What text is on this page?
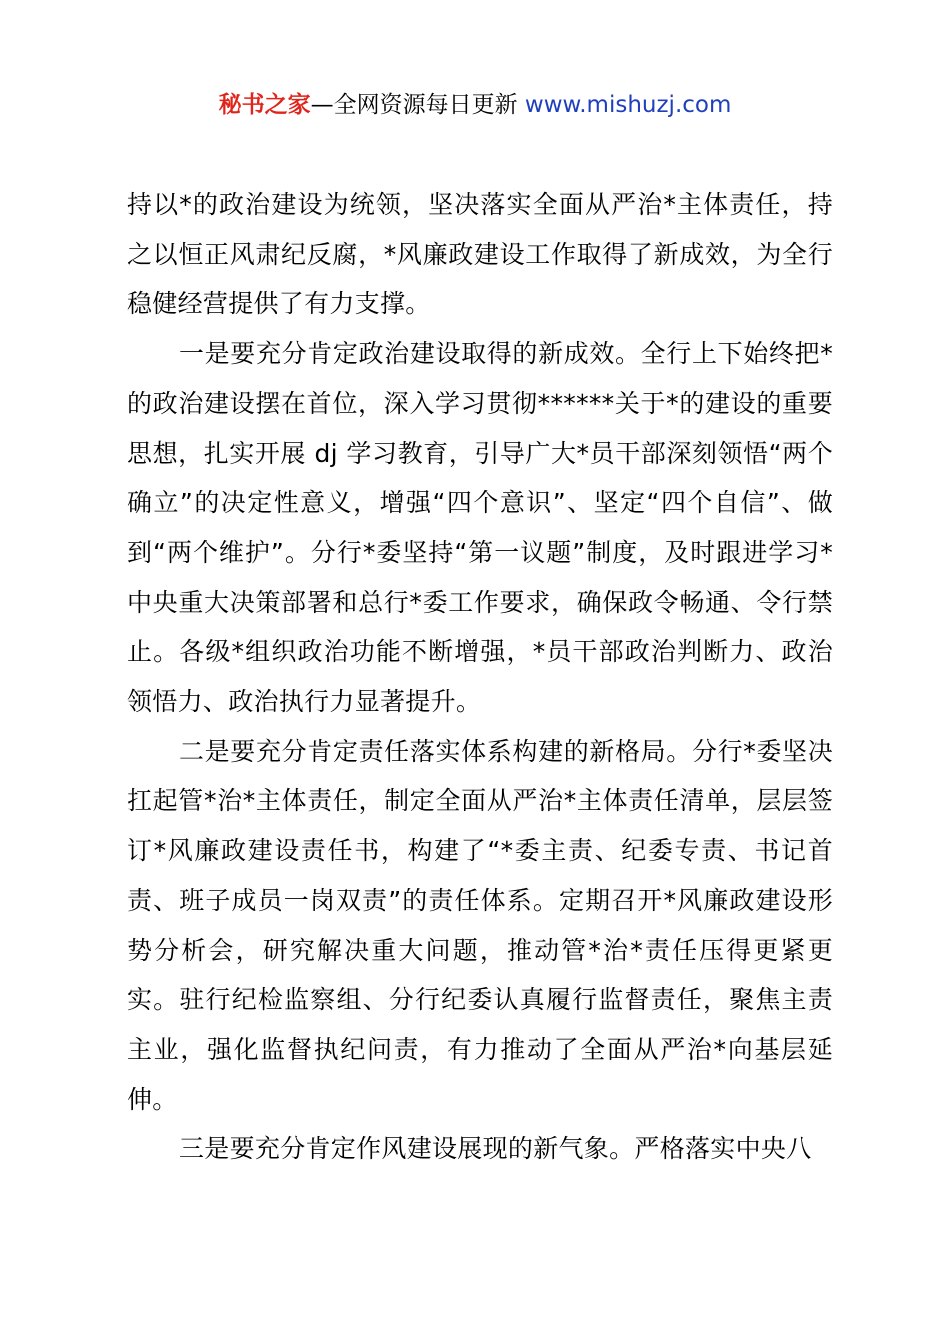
秘书之家—全网资源每日更新 www.mishuzj.com

持以*的政治建设为统领，坚决落实全面从严治*主体责任，持之以恒正风肃纪反腐，*风廉政建设工作取得了新成效，为全行稳健经营提供了有力支撑。

一是要充分肯定政治建设取得的新成效。全行上下始终把*的政治建设摆在首位，深入学习贯彻******关于*的建设的重要思想，扎实开展 dj 学习教育，引导广大*员干部深刻领悟“两个确立”的决定性意义，增强“四个意识”、坚定“四个自信”、做到“两个维护”。分行*委坚持“第一议题”制度，及时跟进学习*中央重大决策部署和总行*委工作要求，确保政令畅通、令行禁止。各级*组织政治功能不断增强，*员干部政治判断力、政治领悟力、政治执行力显著提升。

二是要充分肯定责任落实体系构建的新格局。分行*委坚决扛起管*治*主体责任，制定全面从严治*主体责任清单，层层签订*风廉政建设责任书，构建了“*委主责、纪委专责、书记首责、班子成员一岗双责”的责任体系。定期召开*风廉政建设形势分析会，研究解决重大问题，推动管*治*责任压得更紧更实。驻行纪检监察组、分行纪委认真履行监督责任，聚焦主责主业，强化监督执纪问责，有力推动了全面从严治*向基层延伸。

三是要充分肯定作风建设展现的新气象。严格落实中央八
